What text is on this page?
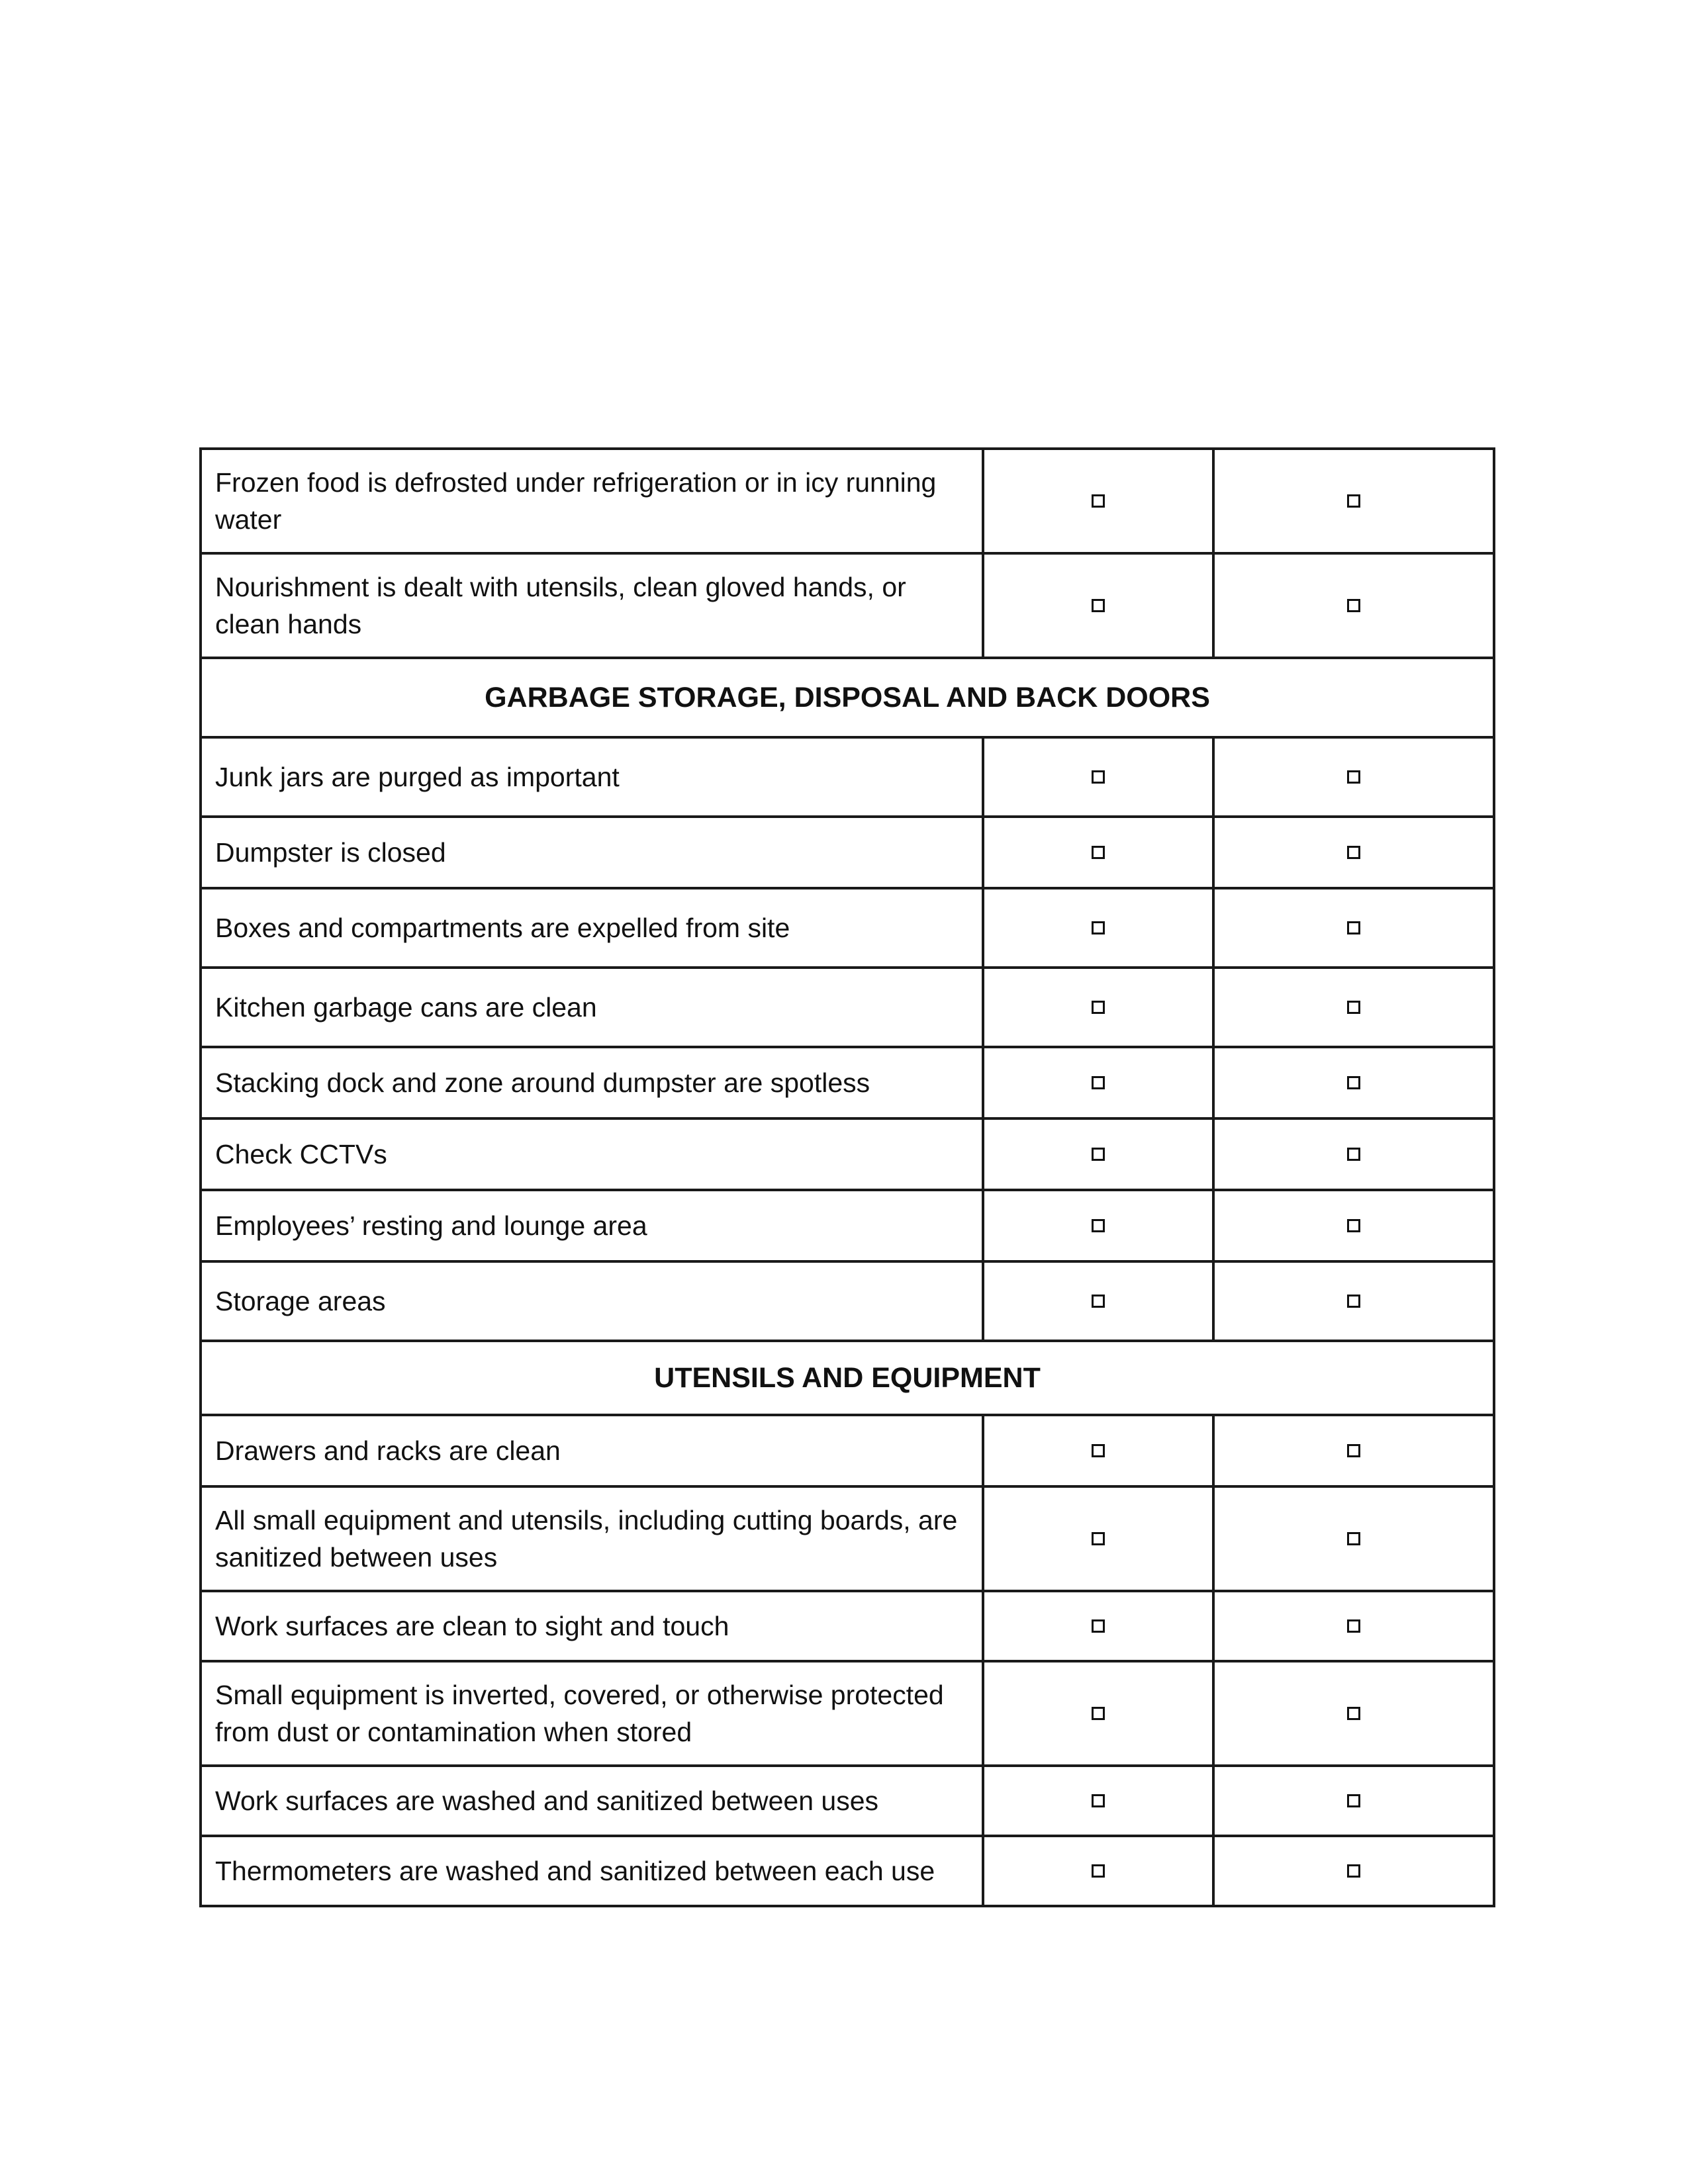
Frozen food is defrosted under refrigeration or in icy running water		
Nourishment is dealt with utensils, clean gloved hands, or clean hands		
GARBAGE STORAGE, DISPOSAL AND BACK DOORS		
Junk jars are purged as important		
Dumpster is closed		
Boxes and compartments are expelled from site		
Kitchen garbage cans are clean		
Stacking dock and zone around dumpster are spotless		
Check CCTVs		
Employees’ resting and lounge area		
Storage areas		
UTENSILS AND EQUIPMENT		
Drawers and racks are clean		
All small equipment and utensils, including cutting boards, are sanitized between uses		
Work surfaces are clean to sight and touch		
Small equipment is inverted, covered, or otherwise protected from dust or contamination when stored		
Work surfaces are washed and sanitized between uses		
Thermometers are washed and sanitized between each use		
